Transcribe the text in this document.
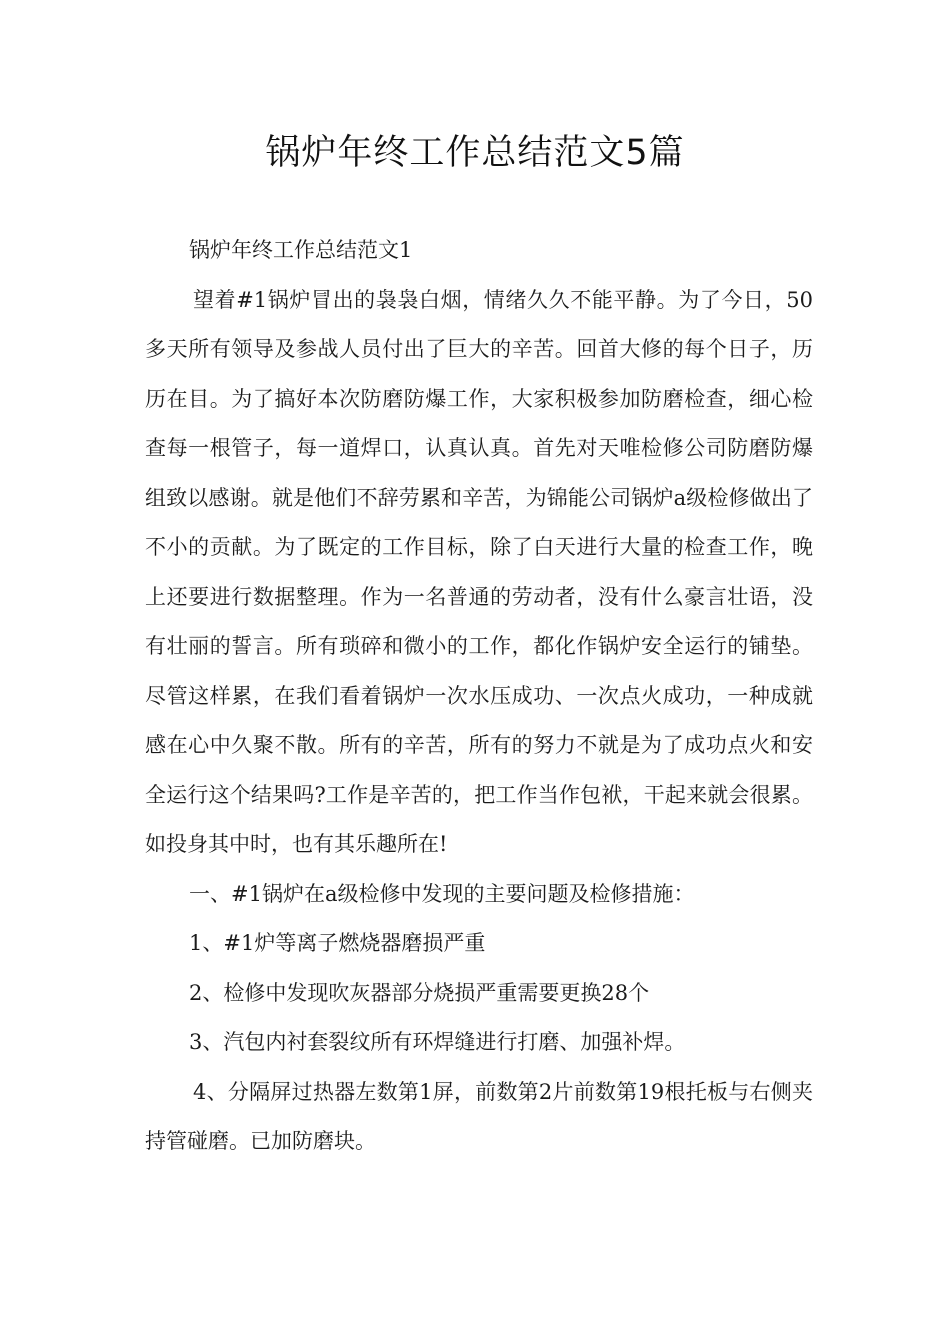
锅炉年终工作总结范文5篇

锅炉年终工作总结范文1

望着#1锅炉冒出的袅袅白烟，情绪久久不能平静。为了今日，50多天所有领导及参战人员付出了巨大的辛苦。回首大修的每个日子，历历在目。为了搞好本次防磨防爆工作，大家积极参加防磨检查，细心检查每一根管子，每一道焊口，认真认真。首先对天唯检修公司防磨防爆组致以感谢。就是他们不辞劳累和辛苦，为锦能公司锅炉a级检修做出了不小的贡献。为了既定的工作目标，除了白天进行大量的检查工作，晚上还要进行数据整理。作为一名普通的劳动者，没有什么豪言壮语，没有壮丽的誓言。所有琐碎和微小的工作，都化作锅炉安全运行的铺垫。尽管这样累，在我们看着锅炉一次水压成功、一次点火成功，一种成就感在心中久聚不散。所有的辛苦，所有的努力不就是为了成功点火和安全运行这个结果吗?工作是辛苦的，把工作当作包袱，干起来就会很累。如投身其中时，也有其乐趣所在!

一、#1锅炉在a级检修中发现的主要问题及检修措施：

1、#1炉等离子燃烧器磨损严重

2、检修中发现吹灰器部分烧损严重需要更换28个

3、汽包内衬套裂纹所有环焊缝进行打磨、加强补焊。

4、分隔屏过热器左数第1屏，前数第2片前数第19根托板与右侧夹持管碰磨。已加防磨块。
